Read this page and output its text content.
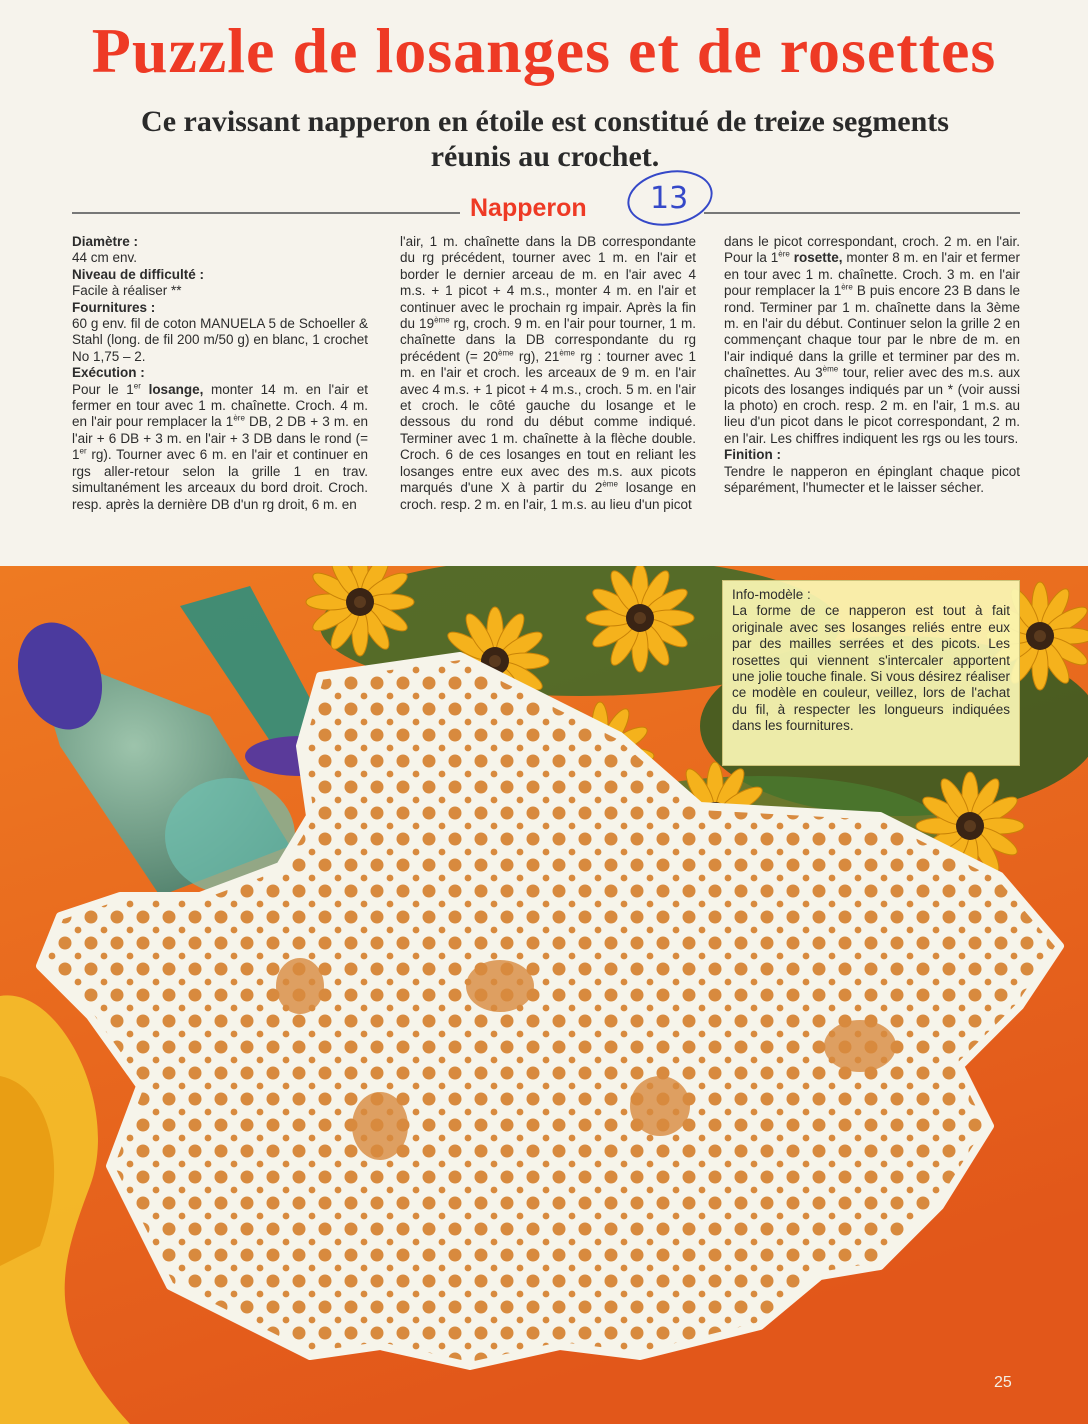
Puzzle de losanges et de rosettes
Ce ravissant napperon en étoile est constitué de treize segments
réunis au crochet.
Napperon 13

Diamètre :

44 cm env.

Niveau de difficulté :

Facile à réaliser **

Fournitures :

60 g env. fil de coton MANUELA 5 de Schoeller & Stahl (long. de fil 200 m/50 g) en blanc, 1 crochet No 1,75 – 2.

Exécution :

Pour le 1er losange, monter 14 m. en l'air et fermer en tour avec 1 m. chaînette. Croch. 4 m. en l'air pour remplacer la 1ère DB, 2 DB + 3 m. en l'air + 6 DB + 3 m. en l'air + 3 DB dans le rond (= 1er rg). Tourner avec 6 m. en l'air et continuer en rgs aller-retour selon la grille 1 en trav. simultanément les arceaux du bord droit. Croch. resp. après la dernière DB d'un rg droit, 6 m. en

l'air, 1 m. chaînette dans la DB correspondante du rg précédent, tourner avec 1 m. en l'air et border le dernier arceau de m. en l'air avec 4 m.s. + 1 picot + 4 m.s., monter 4 m. en l'air et continuer avec le prochain rg impair. Après la fin du 19ème rg, croch. 9 m. en l'air pour tourner, 1 m. chaînette dans la DB correspondante du rg précédent (= 20ème rg), 21ème rg : tourner avec 1 m. en l'air et croch. les arceaux de 9 m. en l'air avec 4 m.s. + 1 picot + 4 m.s., croch. 5 m. en l'air et croch. le côté gauche du losange et le dessous du rond du début comme indiqué. Terminer avec 1 m. chaînette à la flèche double. Croch. 6 de ces losanges en tout en reliant les losanges entre eux avec des m.s. aux picots marqués d'une X à partir du 2ème losange en croch. resp. 2 m. en l'air, 1 m.s. au lieu d'un picot

dans le picot correspondant, croch. 2 m. en l'air. Pour la 1ère rosette, monter 8 m. en l'air et fermer en tour avec 1 m. chaînette. Croch. 3 m. en l'air pour remplacer la 1ère B puis encore 23 B dans le rond. Terminer par 1 m. chaînette dans la 3ème m. en l'air du début. Continuer selon la grille 2 en commençant chaque tour par le nbre de m. en l'air indiqué dans la grille et terminer par des m. chaînettes. Au 3ème tour, relier avec des m.s. aux picots des losanges indiqués par un * (voir aussi la photo) en croch. resp. 2 m. en l'air, 1 m.s. au lieu d'un picot dans le picot correspondant, 2 m. en l'air. Les chiffres indiquent les rgs ou les tours.

Finition :

Tendre le napperon en épinglant chaque picot séparément, l'humecter et le laisser sécher.

Info-modèle :
La forme de ce napperon est tout à fait originale avec ses losanges reliés entre eux par des mailles serrées et des picots. Les rosettes qui viennent s'intercaler apportent une jolie touche finale. Si vous désirez réaliser ce modèle en couleur, veillez, lors de l'achat du fil, à respecter les longueurs indiquées dans les fournitures.
25
